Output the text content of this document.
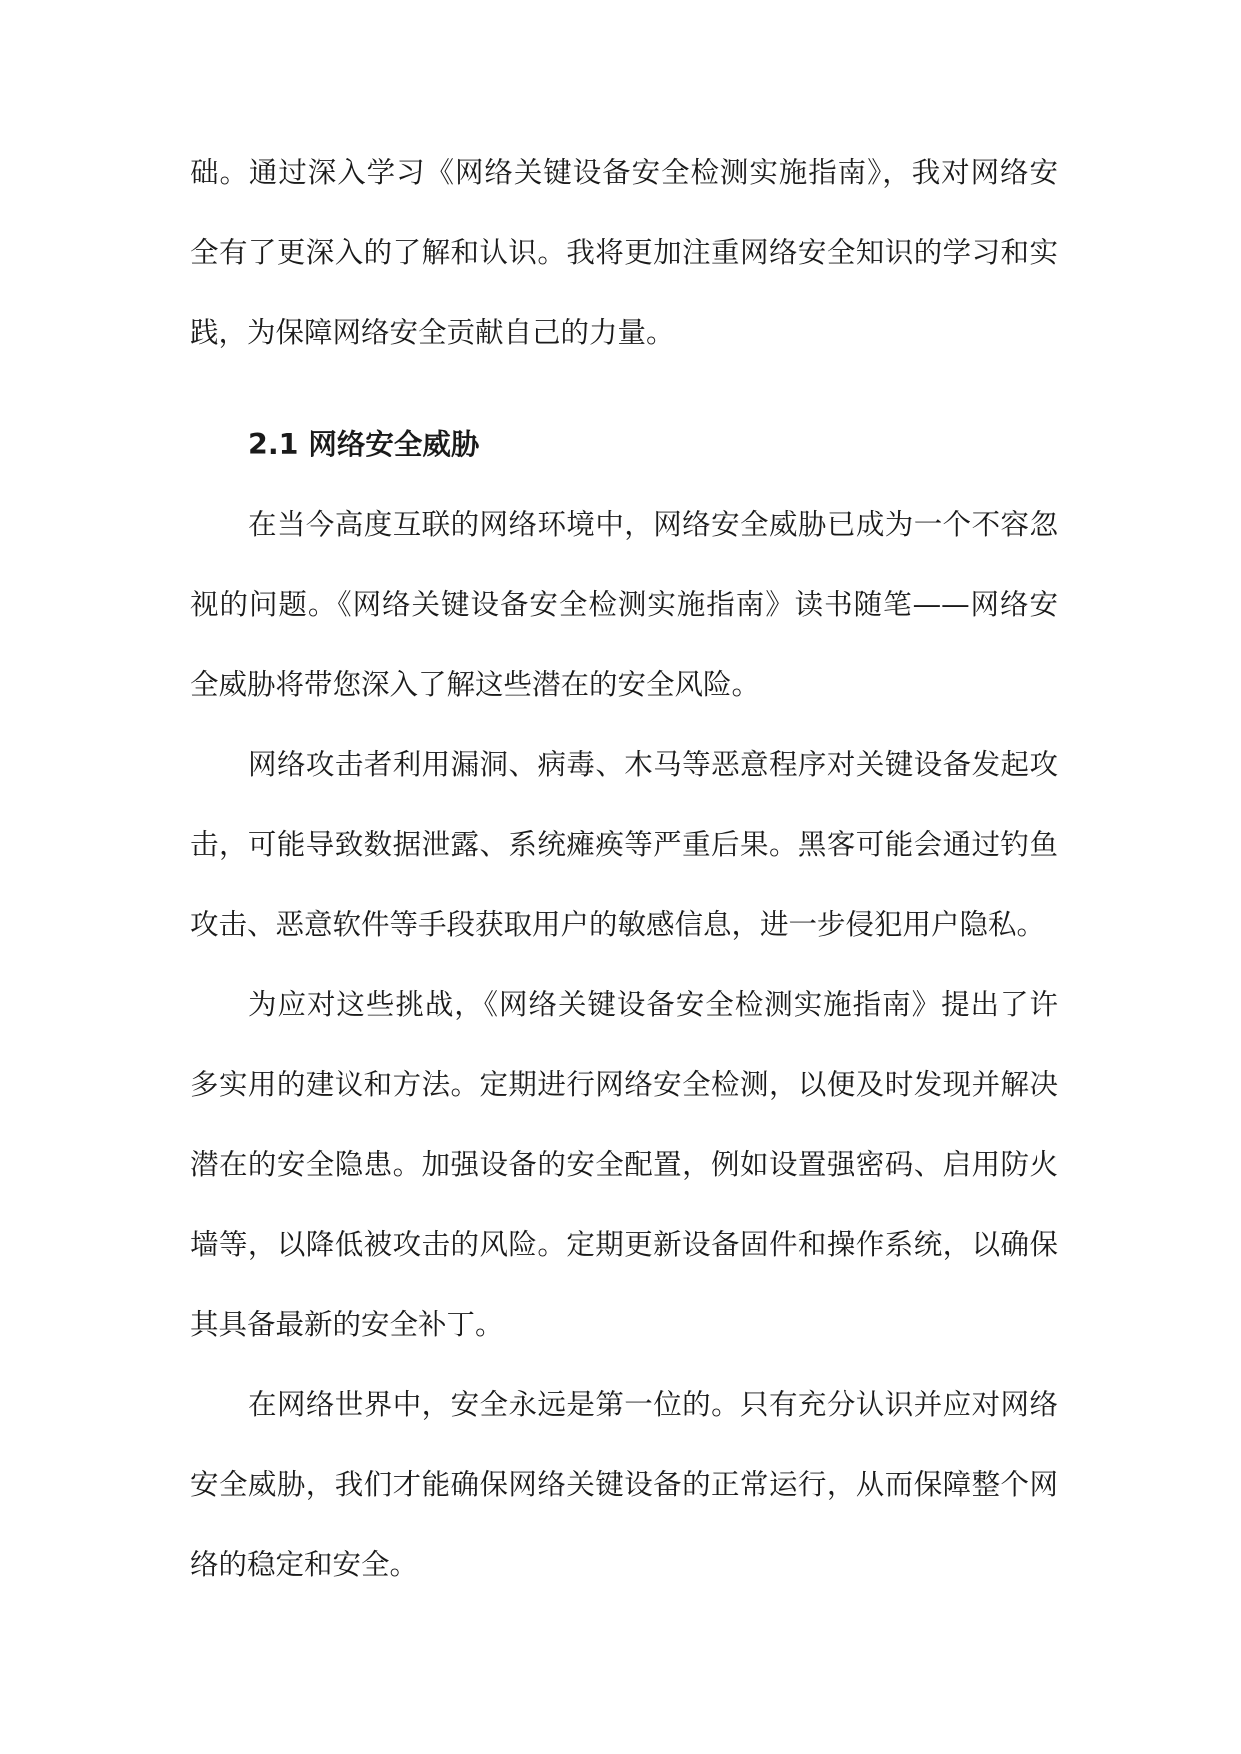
础。通过深入学习《网络关键设备安全检测实施指南》，我对网络安
全有了更深入的了解和认识。我将更加注重网络安全知识的学习和实
践，为保障网络安全贡献自己的力量。
2.1 网络安全威胁
在当今高度互联的网络环境中，网络安全威胁已成为一个不容忽
视的问题。《网络关键设备安全检测实施指南》读书随笔——网络安
全威胁将带您深入了解这些潜在的安全风险。
网络攻击者利用漏洞、病毒、木马等恶意程序对关键设备发起攻
击，可能导致数据泄露、系统瘫痪等严重后果。黑客可能会通过钓鱼
攻击、恶意软件等手段获取用户的敏感信息，进一步侵犯用户隐私。
为应对这些挑战，《网络关键设备安全检测实施指南》提出了许
多实用的建议和方法。定期进行网络安全检测，以便及时发现并解决
潜在的安全隐患。加强设备的安全配置，例如设置强密码、启用防火
墙等，以降低被攻击的风险。定期更新设备固件和操作系统，以确保
其具备最新的安全补丁。
在网络世界中，安全永远是第一位的。只有充分认识并应对网络
安全威胁，我们才能确保网络关键设备的正常运行，从而保障整个网
络的稳定和安全。
